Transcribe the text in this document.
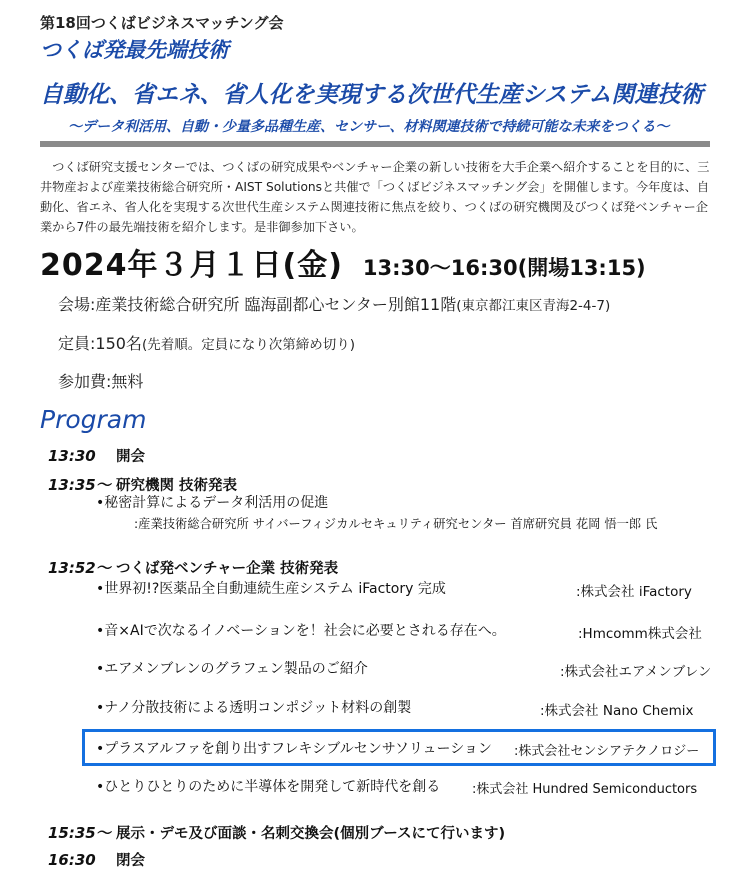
第18回つくばビジネスマッチング会
つくば発最先端技術
自動化、省エネ、省人化を実現する次世代生産システム関連技術
～データ利活用、自動・少量多品種生産、センサー、材料関連技術で持続可能な未来をつくる～
つくば研究支援センターでは、つくばの研究成果やベンチャー企業の新しい技術を大手企業へ紹介することを目的に、三井物産および産業技術総合研究所・AIST Solutionsと共催で「つくばビジネスマッチング会」を開催します。今年度は、自動化、省エネ、省人化を実現する次世代生産システム関連技術に焦点を絞り、つくばの研究機関及びつくば発ベンチャー企業から7件の最先端技術を紹介します。是非御参加下さい。
2024年３月１日(金) 13:30～16:30(開場13:15)
会場:産業技術総合研究所 臨海副都心センター別館11階(東京都江東区青海2-4-7)
定員:150名(先着順。定員になり次第締め切り)
参加費:無料
Program
13:30 開会
13:35～ 研究機関 技術発表
•秘密計算によるデータ利活用の促進
:産業技術総合研究所 サイバーフィジカルセキュリティ研究センター 首席研究員 花岡 悟一郎 氏
13:52～ つくば発ベンチャー企業 技術発表
•世界初!?医薬品全自動連続生産システム iFactory 完成	:株式会社 iFactory
•音×AIで次なるイノベーションを！社会に必要とされる存在へ。	:Hmcomm株式会社
•エアメンブレンのグラフェン製品のご紹介	:株式会社エアメンブレン
•ナノ分散技術による透明コンポジット材料の創製	:株式会社 Nano Chemix
•プラスアルファを創り出すフレキシブルセンサソリューション :株式会社センシアテクノロジー
•ひとりひとりのために半導体を開発して新時代を創る :株式会社 Hundred Semiconductors
15:35～ 展示・デモ及び面談・名刺交換会(個別ブースにて行います)
16:30 閉会
